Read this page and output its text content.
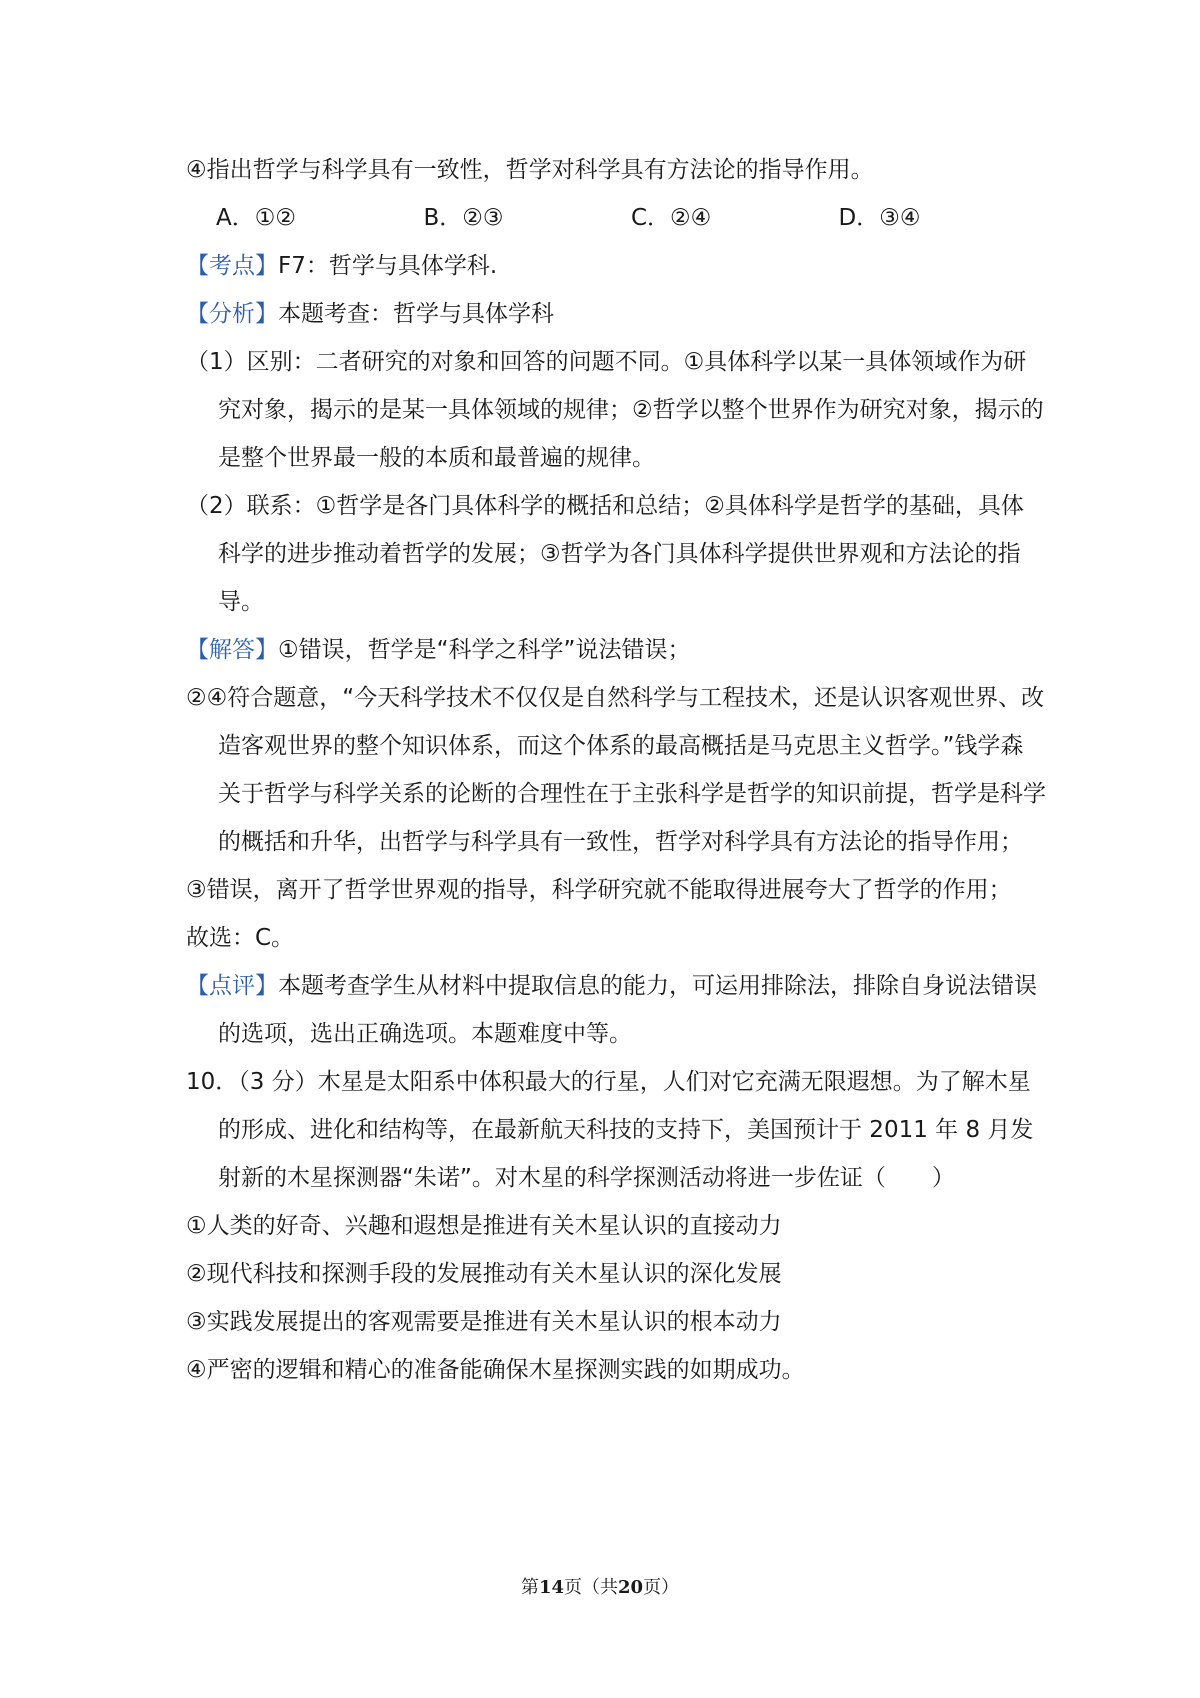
④指出哲学与科学具有一致性，哲学对科学具有方法论的指导作用。

A．①②	B．②③	C．②④	D．③④

【考点】F7：哲学与具体学科.

【分析】本题考查：哲学与具体学科

（1）区别：二者研究的对象和回答的问题不同。①具体科学以某一具体领域作为研究对象，揭示的是某一具体领域的规律；②哲学以整个世界作为研究对象，揭示的是整个世界最一般的本质和最普遍的规律。

（2）联系：①哲学是各门具体科学的概括和总结；②具体科学是哲学的基础，具体科学的进步推动着哲学的发展；③哲学为各门具体科学提供世界观和方法论的指导。

【解答】①错误，哲学是“科学之科学”说法错误；

②④符合题意，“今天科学技术不仅仅是自然科学与工程技术，还是认识客观世界、改造客观世界的整个知识体系，而这个体系的最高概括是马克思主义哲学。”钱学森关于哲学与科学关系的论断的合理性在于主张科学是哲学的知识前提，哲学是科学的概括和升华，出哲学与科学具有一致性，哲学对科学具有方法论的指导作用；

③错误，离开了哲学世界观的指导，科学研究就不能取得进展夸大了哲学的作用；

故选：C。

【点评】本题考查学生从材料中提取信息的能力，可运用排除法，排除自身说法错误的选项，选出正确选项。本题难度中等。

10．（3 分）木星是太阳系中体积最大的行星，人们对它充满无限遐想。为了解木星的形成、进化和结构等，在最新航天科技的支持下，美国预计于 2011 年 8 月发射新的木星探测器“朱诺”。对木星的科学探测活动将进一步佐证（　　）

①人类的好奇、兴趣和遐想是推进有关木星认识的直接动力

②现代科技和探测手段的发展推动有关木星认识的深化发展

③实践发展提出的客观需要是推进有关木星认识的根本动力

④严密的逻辑和精心的准备能确保木星探测实践的如期成功。

第14页（共20页）
